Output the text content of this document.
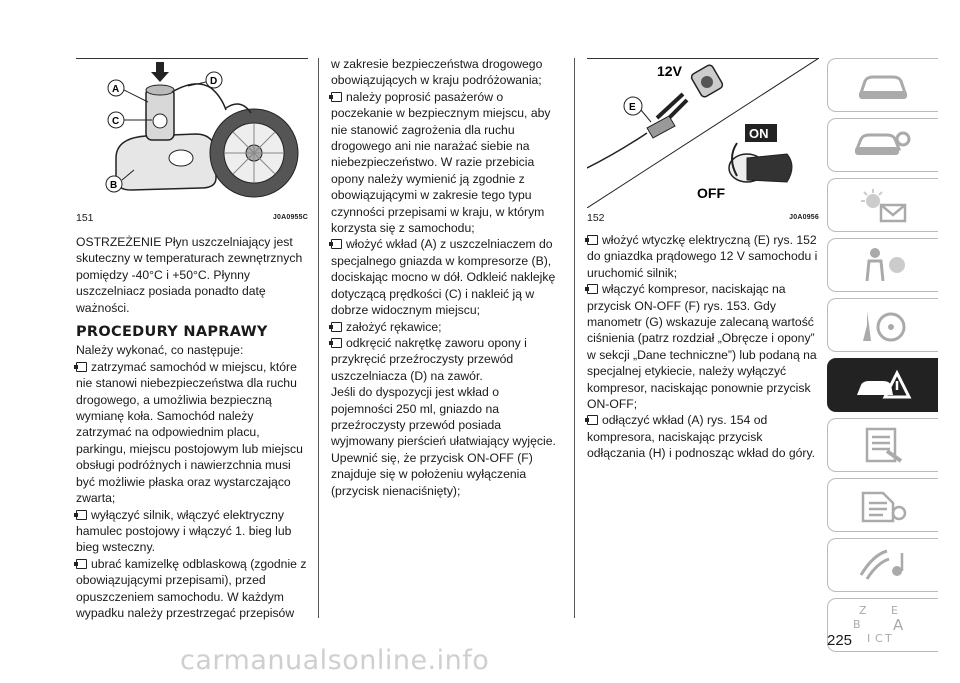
A
C
D
B
151	J0A0955C

OSTRZEŻENIE Płyn uszczelniający jest skuteczny w temperaturach zewnętrznych pomiędzy -40°C i +50°C. Płynny uszczelniacz posiada ponadto datę ważności.

PROCEDURY NAPRAWY

Należy wykonać, co następuje:

zatrzymać samochód w miejscu, które nie stanowi niebezpieczeństwa dla ruchu drogowego, a umożliwia bezpieczną wymianę koła. Samochód należy zatrzymać na odpowiednim placu, parkingu, miejscu postojowym lub miejscu obsługi podróżnych i nawierzchnia musi być możliwie płaska oraz wystarczająco zwarta;

wyłączyć silnik, włączyć elektryczny hamulec postojowy i włączyć 1. bieg lub bieg wsteczny.

ubrać kamizelkę odblaskową (zgodnie z obowiązującymi przepisami), przed opuszczeniem samochodu. W każdym wypadku należy przestrzegać przepisów

w zakresie bezpieczeństwa drogowego obowiązujących w kraju podróżowania;

należy poprosić pasażerów o poczekanie w bezpiecznym miejscu, aby nie stanowić zagrożenia dla ruchu drogowego ani nie narażać siebie na niebezpieczeństwo. W razie przebicia opony należy wymienić ją zgodnie z obowiązującymi w zakresie tego typu czynności przepisami w kraju, w którym korzysta się z samochodu;

włożyć wkład (A) z uszczelniaczem do specjalnego gniazda w kompresorze (B), dociskając mocno w dół. Odkleić naklejkę dotyczącą prędkości (C) i nakleić ją w dobrze widocznym miejscu;

założyć rękawice;

odkręcić nakrętkę zaworu opony i przykręcić przeźroczysty przewód uszczelniacza (D) na zawór.

Jeśli do dyspozycji jest wkład o pojemności 250 ml, gniazdo na przeźroczysty przewód posiada wyjmowany pierścień ułatwiający wyjęcie.

Upewnić się, że przycisk ON-OFF (F) znajduje się w położeniu wyłączenia (przycisk nienaciśnięty);

E
12V
ON
OFF
152	J0A0956

włożyć wtyczkę elektryczną (E) rys. 152 do gniazdka prądowego 12 V samochodu i uruchomić silnik;

włączyć kompresor, naciskając na przycisk ON-OFF (F) rys. 153. Gdy manometr (G) wskazuje zalecaną wartość ciśnienia (patrz rozdział „Obręcze i opony” w sekcji „Dane techniczne”) lub podaną na specjalnej etykiecie, należy wyłączyć kompresor, naciskając ponownie przycisk ON-OFF;

odłączyć wkład (A) rys. 154 od kompresora, naciskając przycisk odłączania (H) i podnosząc wkład do góry.

Z E
B A
I C T
225
carmanualsonline.info
